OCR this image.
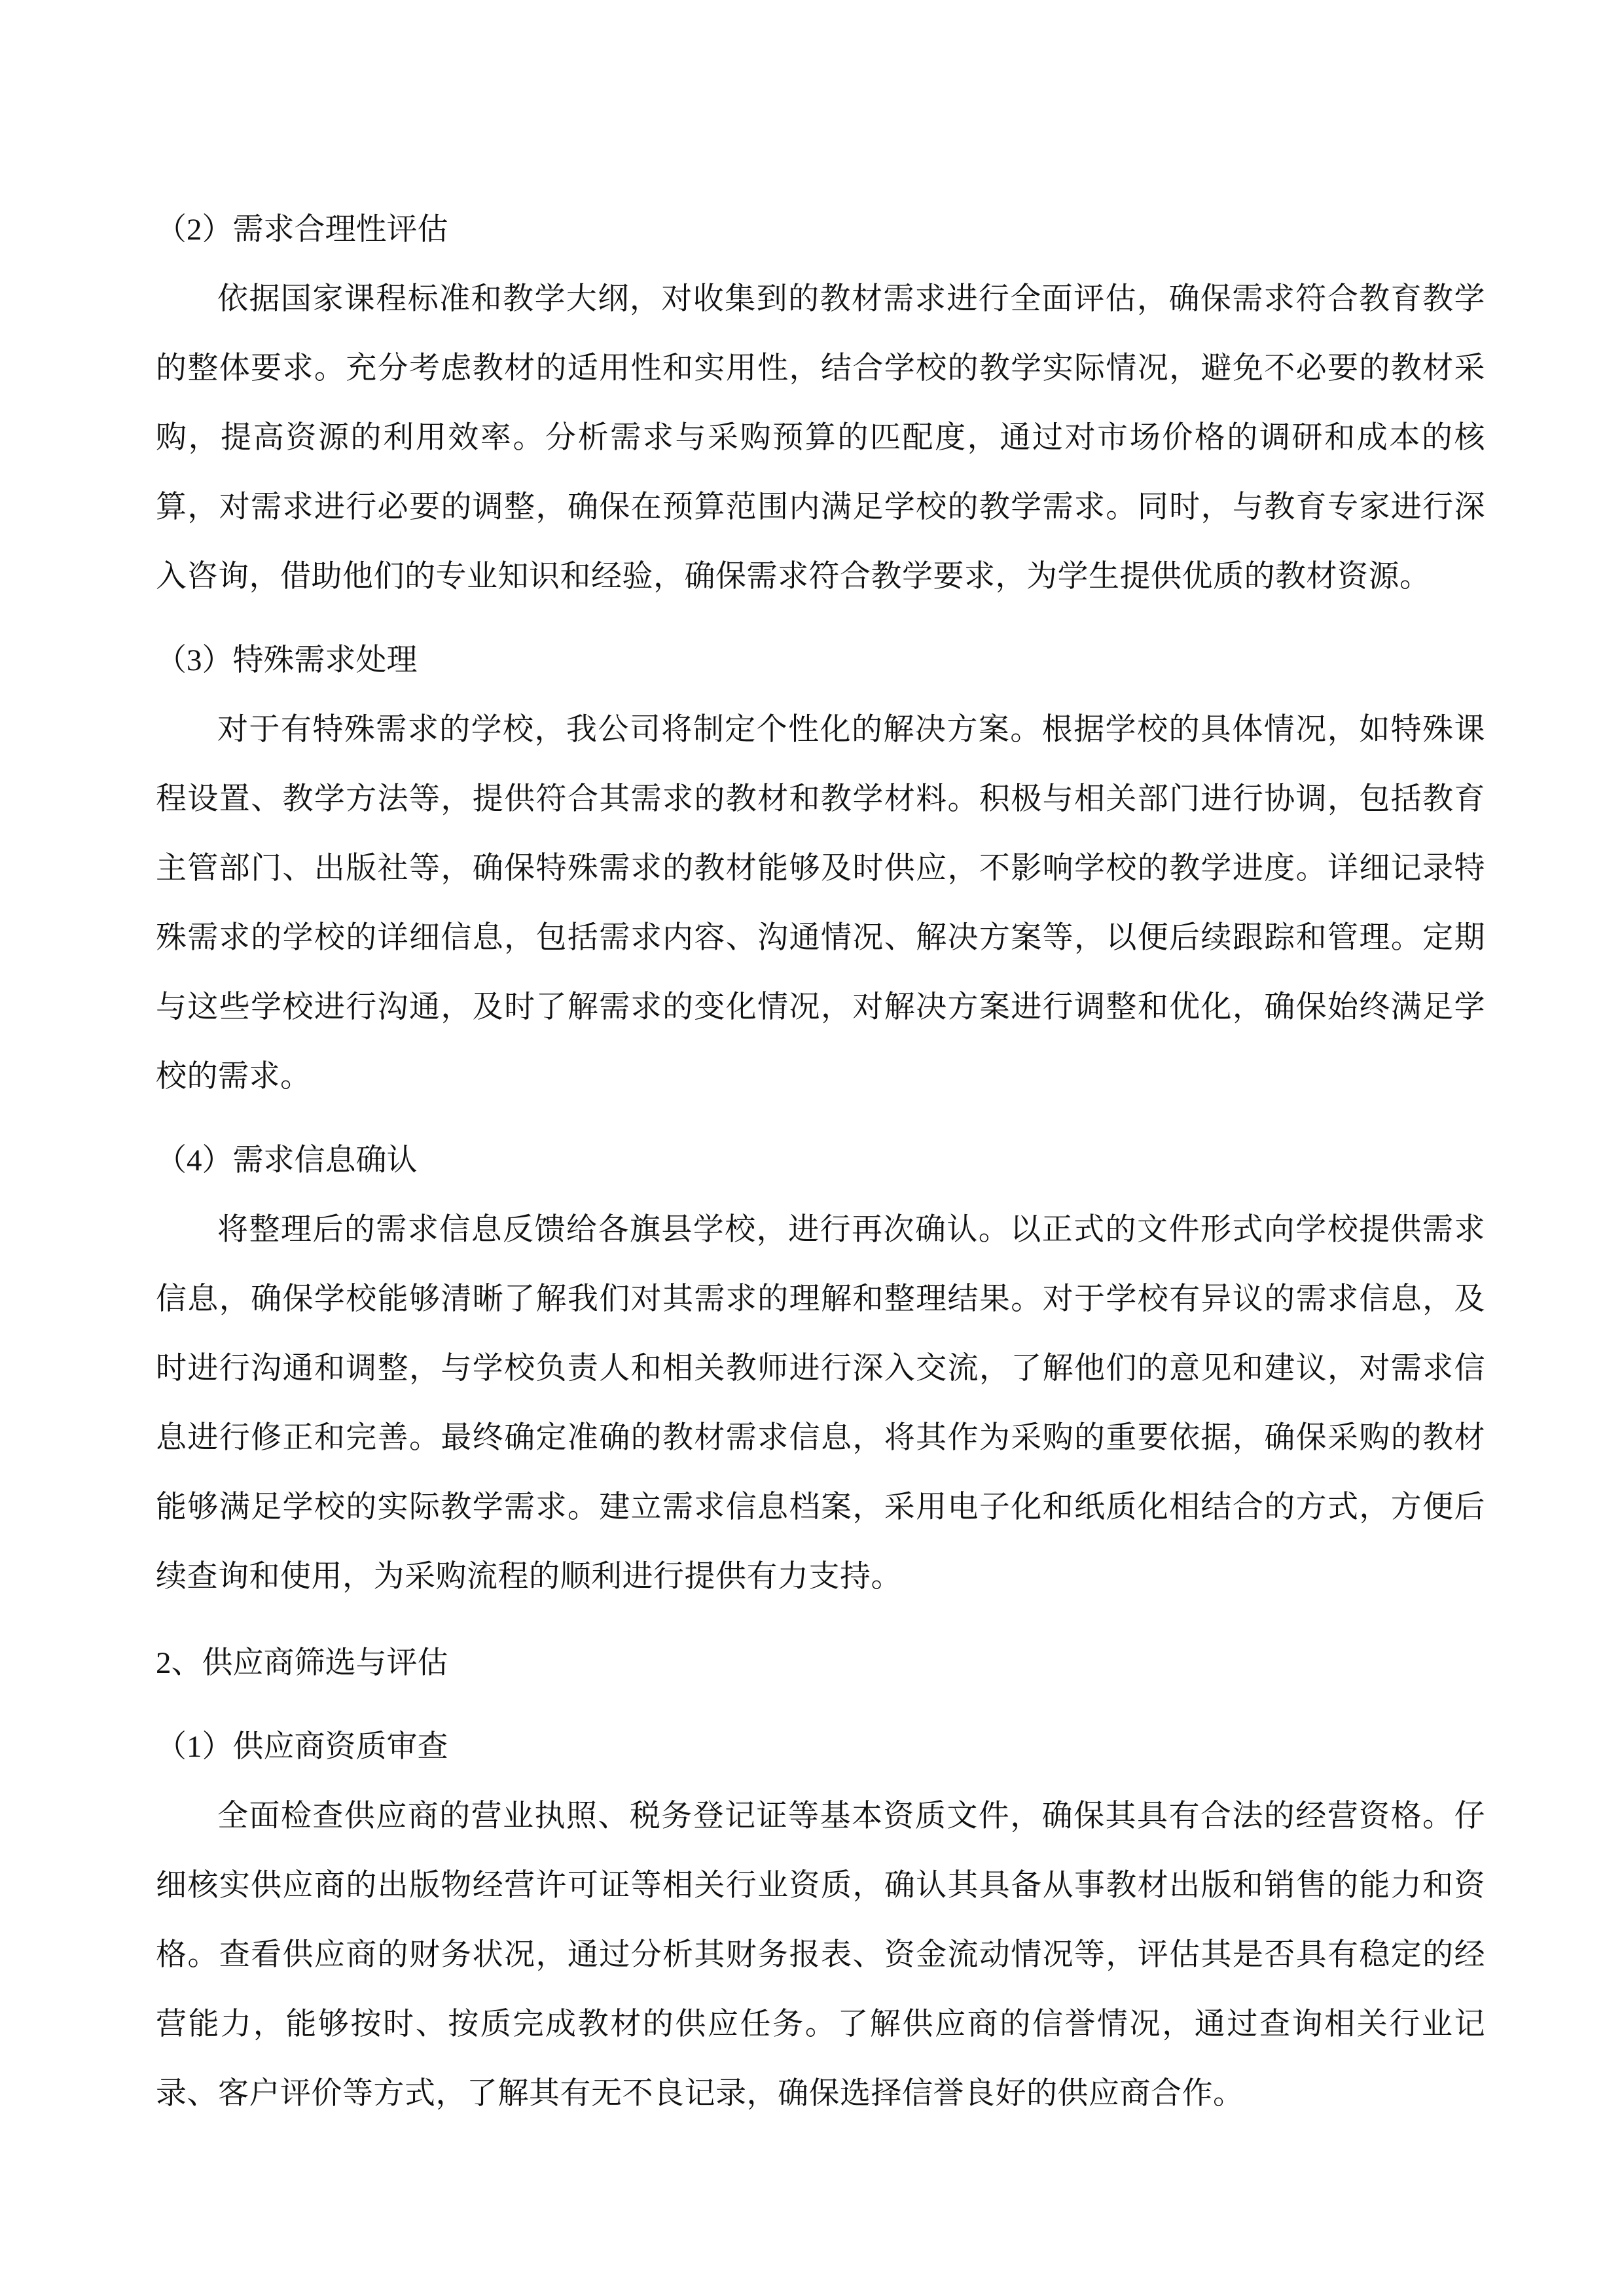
（2）需求合理性评估

依据国家课程标准和教学大纲，对收集到的教材需求进行全面评估，确保需求符合教育教学的整体要求。充分考虑教材的适用性和实用性，结合学校的教学实际情况，避免不必要的教材采购，提高资源的利用效率。分析需求与采购预算的匹配度，通过对市场价格的调研和成本的核算，对需求进行必要的调整，确保在预算范围内满足学校的教学需求。同时，与教育专家进行深入咨询，借助他们的专业知识和经验，确保需求符合教学要求，为学生提供优质的教材资源。

（3）特殊需求处理

对于有特殊需求的学校，我公司将制定个性化的解决方案。根据学校的具体情况，如特殊课程设置、教学方法等，提供符合其需求的教材和教学材料。积极与相关部门进行协调，包括教育主管部门、出版社等，确保特殊需求的教材能够及时供应，不影响学校的教学进度。详细记录特殊需求的学校的详细信息，包括需求内容、沟通情况、解决方案等，以便后续跟踪和管理。定期与这些学校进行沟通，及时了解需求的变化情况，对解决方案进行调整和优化，确保始终满足学校的需求。

（4）需求信息确认

将整理后的需求信息反馈给各旗县学校，进行再次确认。以正式的文件形式向学校提供需求信息，确保学校能够清晰了解我们对其需求的理解和整理结果。对于学校有异议的需求信息，及时进行沟通和调整，与学校负责人和相关教师进行深入交流，了解他们的意见和建议，对需求信息进行修正和完善。最终确定准确的教材需求信息，将其作为采购的重要依据，确保采购的教材能够满足学校的实际教学需求。建立需求信息档案，采用电子化和纸质化相结合的方式，方便后续查询和使用，为采购流程的顺利进行提供有力支持。

2、供应商筛选与评估
（1）供应商资质审查

全面检查供应商的营业执照、税务登记证等基本资质文件，确保其具有合法的经营资格。仔细核实供应商的出版物经营许可证等相关行业资质，确认其具备从事教材出版和销售的能力和资格。查看供应商的财务状况，通过分析其财务报表、资金流动情况等，评估其是否具有稳定的经营能力，能够按时、按质完成教材的供应任务。了解供应商的信誉情况，通过查询相关行业记录、客户评价等方式，了解其有无不良记录，确保选择信誉良好的供应商合作。
